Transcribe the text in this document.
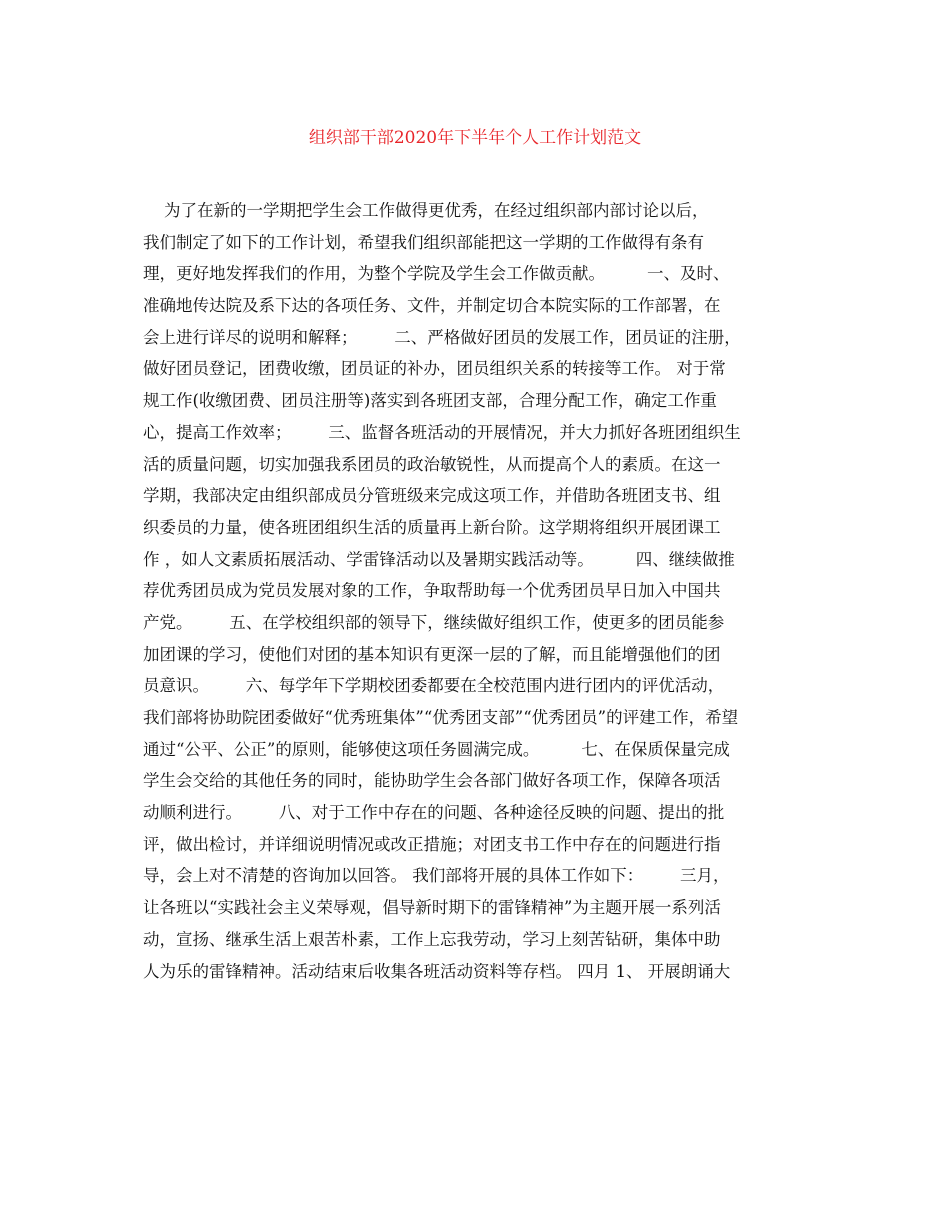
组织部干部2020年下半年个人工作计划范文
为了在新的一学期把学生会工作做得更优秀，在经过组织部内部讨论以后，
我们制定了如下的工作计划，希望我们组织部能把这一学期的工作做得有条有
理，更好地发挥我们的作用，为整个学院及学生会工作做贡献。        一、及时、
准确地传达院及系下达的各项任务、文件，并制定切合本院实际的工作部署，在
会上进行详尽的说明和解释；       二、严格做好团员的发展工作，团员证的注册，
做好团员登记，团费收缴，团员证的补办，团员组织关系的转接等工作。 对于常
规工作(收缴团费、团员注册等)落实到各班团支部，合理分配工作，确定工作重
心，提高工作效率；       三、监督各班活动的开展情况，并大力抓好各班团组织生
活的质量问题，切实加强我系团员的政治敏锐性，从而提高个人的素质。在这一
学期，我部决定由组织部成员分管班级来完成这项工作，并借助各班团支书、组
织委员的力量，使各班团组织生活的质量再上新台阶。这学期将组织开展团课工
作 ，如人文素质拓展活动、学雷锋活动以及暑期实践活动等。        四、继续做推
荐优秀团员成为党员发展对象的工作，争取帮助每一个优秀团员早日加入中国共
产党。       五、在学校组织部的领导下，继续做好组织工作，使更多的团员能参
加团课的学习，使他们对团的基本知识有更深一层的了解，而且能增强他们的团
员意识。       六、每学年下学期校团委都要在全校范围内进行团内的评优活动，
我们部将协助院团委做好“优秀班集体”“优秀团支部”“优秀团员”的评建工作，希望
通过“公平、公正”的原则，能够使这项任务圆满完成。        七、在保质保量完成
学生会交给的其他任务的同时，能协助学生会各部门做好各项工作，保障各项活
动顺利进行。       八、对于工作中存在的问题、各种途径反映的问题、提出的批
评，做出检讨，并详细说明情况或改正措施；对团支书工作中存在的问题进行指
导，会上对不清楚的咨询加以回答。 我们部将开展的具体工作如下：       三月，
让各班以“实践社会主义荣辱观，倡导新时期下的雷锋精神”为主题开展一系列活
动，宣扬、继承生活上艰苦朴素，工作上忘我劳动，学习上刻苦钻研，集体中助
人为乐的雷锋精神。活动结束后收集各班活动资料等存档。 四月 1、 开展朗诵大
